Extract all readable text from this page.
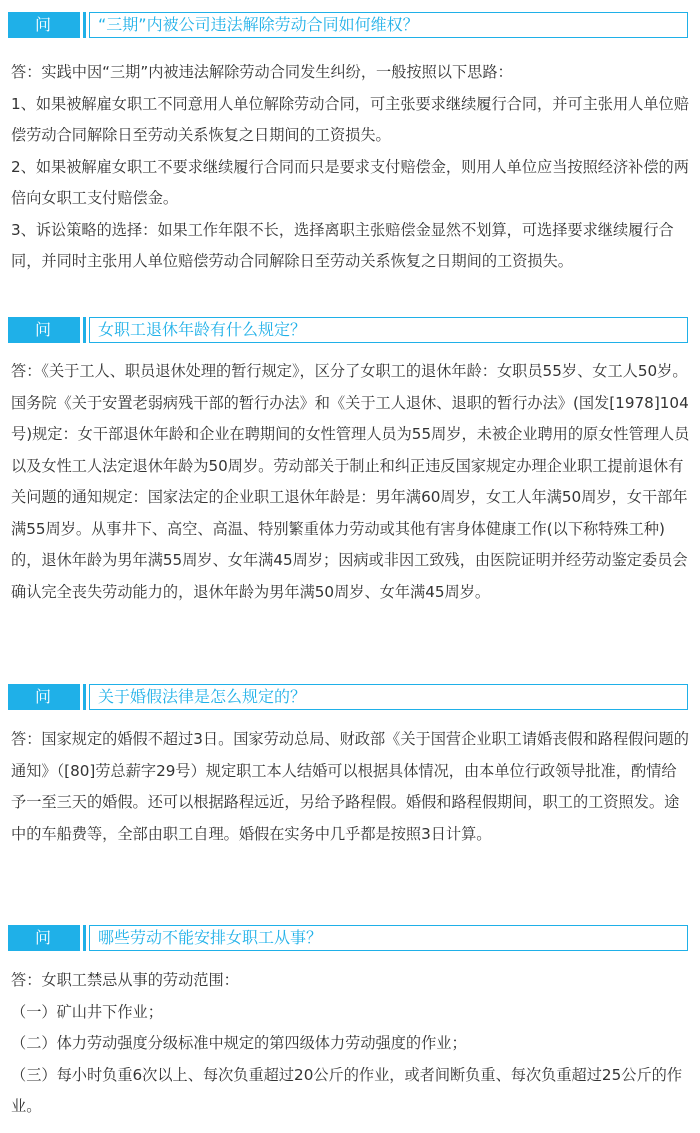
问	“三期”内被公司违法解除劳动合同如何维权？

答：实践中因“三期”内被违法解除劳动合同发生纠纷，一般按照以下思路：

1、如果被解雇女职工不同意用人单位解除劳动合同，可主张要求继续履行合同，并可主张用人单位赔偿劳动合同解除日至劳动关系恢复之日期间的工资损失。

2、如果被解雇女职工不要求继续履行合同而只是要求支付赔偿金，则用人单位应当按照经济补偿的两倍向女职工支付赔偿金。

3、诉讼策略的选择：如果工作年限不长，选择离职主张赔偿金显然不划算，可选择要求继续履行合同，并同时主张用人单位赔偿劳动合同解除日至劳动关系恢复之日期间的工资损失。

问	女职工退休年龄有什么规定？

答：《关于工人、职员退休处理的暂行规定》，区分了女职工的退休年龄：女职员55岁、女工人50岁。国务院《关于安置老弱病残干部的暂行办法》和《关于工人退休、退职的暂行办法》(国发[1978]104号)规定：女干部退休年龄和企业在聘期间的女性管理人员为55周岁，未被企业聘用的原女性管理人员以及女性工人法定退休年龄为50周岁。劳动部关于制止和纠正违反国家规定办理企业职工提前退休有关问题的通知规定：国家法定的企业职工退休年龄是：男年满60周岁，女工人年满50周岁，女干部年满55周岁。从事井下、高空、高温、特别繁重体力劳动或其他有害身体健康工作(以下称特殊工种)的，退休年龄为男年满55周岁、女年满45周岁；因病或非因工致残，由医院证明并经劳动鉴定委员会确认完全丧失劳动能力的，退休年龄为男年满50周岁、女年满45周岁。

问	关于婚假法律是怎么规定的？

答：国家规定的婚假不超过3日。国家劳动总局、财政部《关于国营企业职工请婚丧假和路程假问题的通知》（[80]劳总薪字29号）规定职工本人结婚可以根据具体情况，由本单位行政领导批准，酌情给予一至三天的婚假。还可以根据路程远近，另给予路程假。婚假和路程假期间，职工的工资照发。途中的车船费等，全部由职工自理。婚假在实务中几乎都是按照3日计算。

问	哪些劳动不能安排女职工从事？

答：女职工禁忌从事的劳动范围：

（一）矿山井下作业；

（二）体力劳动强度分级标准中规定的第四级体力劳动强度的作业；

（三）每小时负重6次以上、每次负重超过20公斤的作业，或者间断负重、每次负重超过25公斤的作业。
